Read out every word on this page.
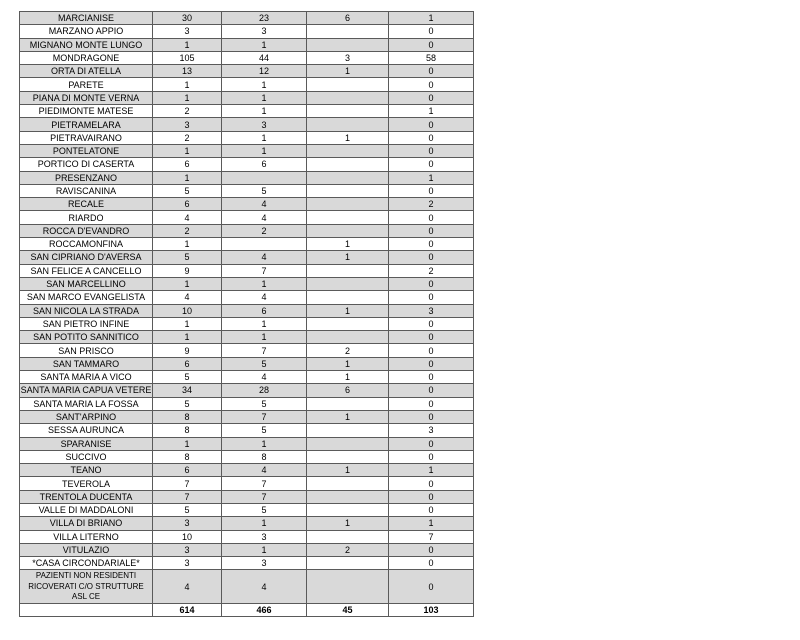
MARCIANISE	30	23	6	1
MARZANO APPIO	3	3		0
MIGNANO MONTE LUNGO	1	1		0
MONDRAGONE	105	44	3	58
ORTA DI ATELLA	13	12	1	0
PARETE	1	1		0
PIANA DI MONTE VERNA	1	1		0
PIEDIMONTE MATESE	2	1		1
PIETRAMELARA	3	3		0
PIETRAVAIRANO	2	1	1	0
PONTELATONE	1	1		0
PORTICO DI CASERTA	6	6		0
PRESENZANO	1			1
RAVISCANINA	5	5		0
RECALE	6	4		2
RIARDO	4	4		0
ROCCA D'EVANDRO	2	2		0
ROCCAMONFINA	1		1	0
SAN CIPRIANO D'AVERSA	5	4	1	0
SAN FELICE A CANCELLO	9	7		2
SAN MARCELLINO	1	1		0
SAN MARCO EVANGELISTA	4	4		0
SAN NICOLA LA STRADA	10	6	1	3
SAN PIETRO INFINE	1	1		0
SAN POTITO SANNITICO	1	1		0
SAN PRISCO	9	7	2	0
SAN TAMMARO	6	5	1	0
SANTA MARIA A VICO	5	4	1	0
SANTA MARIA CAPUA VETERE	34	28	6	0
SANTA MARIA LA FOSSA	5	5		0
SANT'ARPINO	8	7	1	0
SESSA AURUNCA	8	5		3
SPARANISE	1	1		0
SUCCIVO	8	8		0
TEANO	6	4	1	1
TEVEROLA	7	7		0
TRENTOLA DUCENTA	7	7		0
VALLE DI MADDALONI	5	5		0
VILLA DI BRIANO	3	1	1	1
VILLA LITERNO	10	3		7
VITULAZIO	3	1	2	0
*CASA CIRCONDARIALE*	3	3		0
PAZIENTI NON RESIDENTI RICOVERATI C/O STRUTTURE ASL CE	4	4		0
	614	466	45	103
